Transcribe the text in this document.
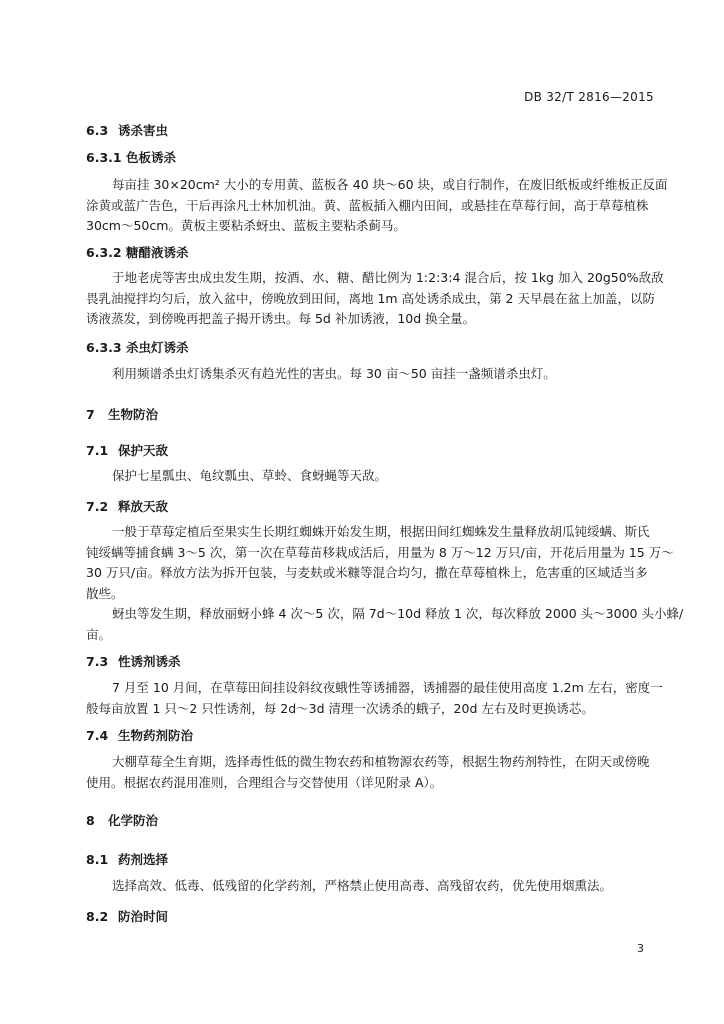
DB 32/T 2816—2015
6.3 诱杀害虫
6.3.1 色板诱杀
每亩挂 30×20cm² 大小的专用黄、蓝板各 40 块～60 块，或自行制作，在废旧纸板或纤维板正反面
涂黄或蓝广告色，干后再涂凡士林加机油。黄、蓝板插入棚内田间，或悬挂在草莓行间，高于草莓植株
30cm～50cm。黄板主要粘杀蚜虫、蓝板主要粘杀蓟马。
6.3.2 糖醋液诱杀
于地老虎等害虫成虫发生期，按酒、水、糖、醋比例为 1:2:3:4 混合后，按 1kg 加入 20g50%敌敌
畏乳油搅拌均匀后，放入盆中，傍晚放到田间，离地 1m 高处诱杀成虫，第 2 天早晨在盆上加盖，以防
诱液蒸发，到傍晚再把盖子揭开诱虫。每 5d 补加诱液，10d 换全量。
6.3.3 杀虫灯诱杀
利用频谱杀虫灯诱集杀灭有趋光性的害虫。每 30 亩～50 亩挂一盏频谱杀虫灯。
7 生物防治
7.1 保护天敌
保护七星瓢虫、龟纹瓢虫、草蛉、食蚜蝇等天敌。
7.2 释放天敌
一般于草莓定植后至果实生长期红蜘蛛开始发生期，根据田间红蜘蛛发生量释放胡瓜钝绥螨、斯氏
钝绥螨等捕食螨 3～5 次，第一次在草莓苗移栽成活后，用量为 8 万～12 万只/亩，开花后用量为 15 万～
30 万只/亩。释放方法为拆开包装，与麦麸或米糠等混合均匀，撒在草莓植株上，危害重的区域适当多
散些。
蚜虫等发生期，释放丽蚜小蜂 4 次～5 次，隔 7d～10d 释放 1 次，每次释放 2000 头～3000 头小蜂/
亩。
7.3 性诱剂诱杀
7 月至 10 月间，在草莓田间挂设斜纹夜蛾性等诱捕器，诱捕器的最佳使用高度 1.2m 左右，密度一
般每亩放置 1 只～2 只性诱剂，每 2d～3d 清理一次诱杀的蛾子，20d 左右及时更换诱芯。
7.4 生物药剂防治
大棚草莓全生育期，选择毒性低的微生物农药和植物源农药等，根据生物药剂特性，在阴天或傍晚
使用。根据农药混用准则，合理组合与交替使用（详见附录 A）。
8 化学防治
8.1 药剂选择
选择高效、低毒、低残留的化学药剂，严格禁止使用高毒、高残留农药，优先使用烟熏法。
8.2 防治时间
3
